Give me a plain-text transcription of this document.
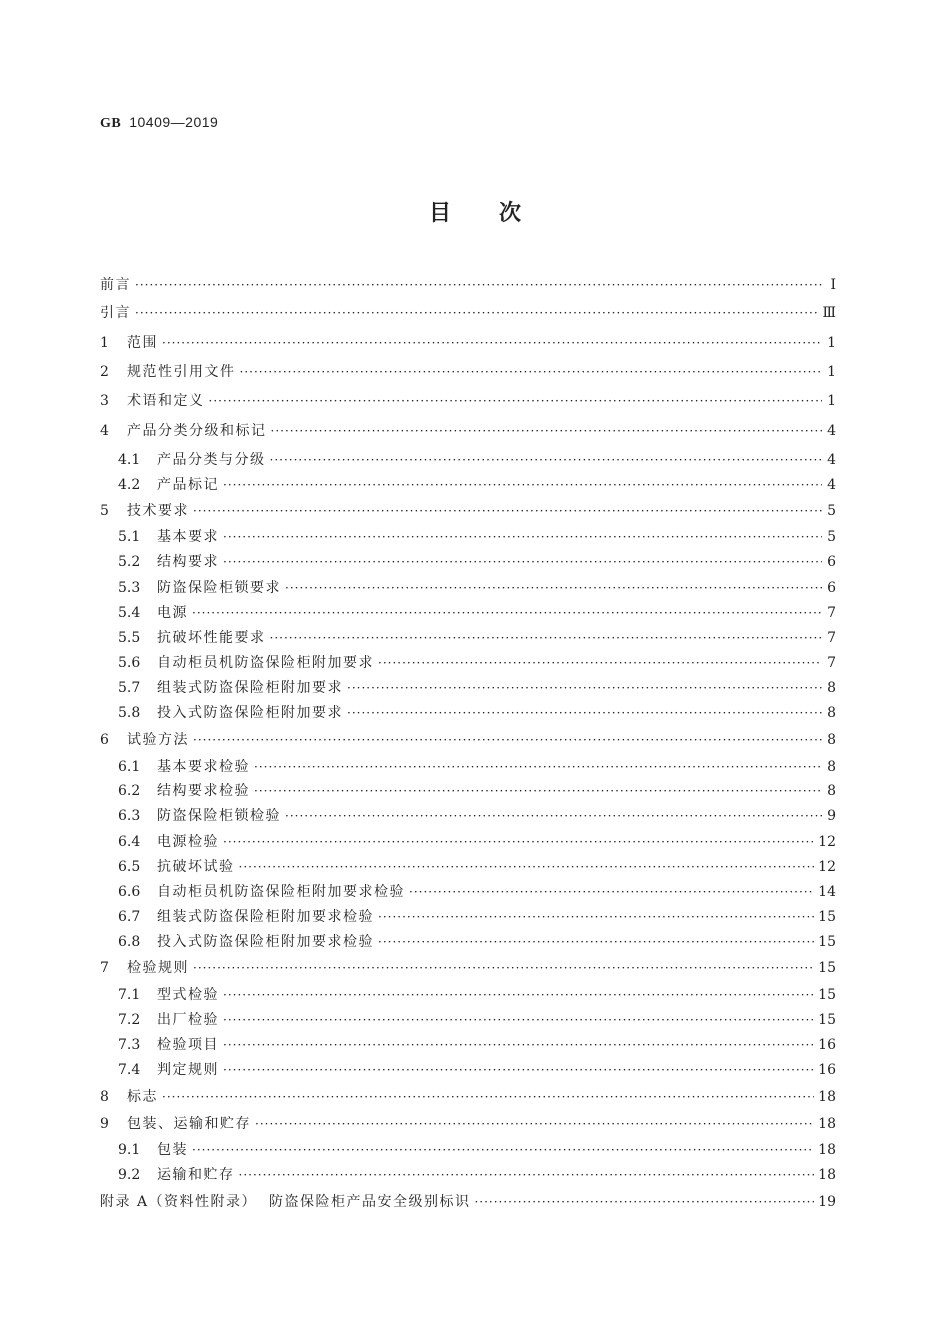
GB 10409—2019
目次
前言 ·····	Ⅰ
引言 ·····	Ⅲ
1	范围 ·····	1
2	规范性引用文件 ·····	1
3	术语和定义 ·····	1
4	产品分类分级和标记 ·····	4
4.1	产品分类与分级 ·····	4
4.2	产品标记 ·····	4
5	技术要求 ·····	5
5.1	基本要求 ·····	5
5.2	结构要求 ·····	6
5.3	防盗保险柜锁要求 ·····	6
5.4	电源 ·····	7
5.5	抗破坏性能要求 ·····	7
5.6	自动柜员机防盗保险柜附加要求 ·····	7
5.7	组装式防盗保险柜附加要求 ·····	8
5.8	投入式防盗保险柜附加要求 ·····	8
6	试验方法 ·····	8
6.1	基本要求检验 ·····	8
6.2	结构要求检验 ·····	8
6.3	防盗保险柜锁检验 ·····	9
6.4	电源检验 ·····	12
6.5	抗破坏试验 ·····	12
6.6	自动柜员机防盗保险柜附加要求检验 ·····	14
6.7	组装式防盗保险柜附加要求检验 ·····	15
6.8	投入式防盗保险柜附加要求检验 ·····	15
7	检验规则 ·····	15
7.1	型式检验 ·····	15
7.2	出厂检验 ·····	15
7.3	检验项目 ·····	16
7.4	判定规则 ·····	16
8	标志 ·····	18
9	包装、运输和贮存 ·····	18
9.1	包装 ·····	18
9.2	运输和贮存 ·····	18
附录 A（资料性附录）  防盗保险柜产品安全级别标识 ·····	19
